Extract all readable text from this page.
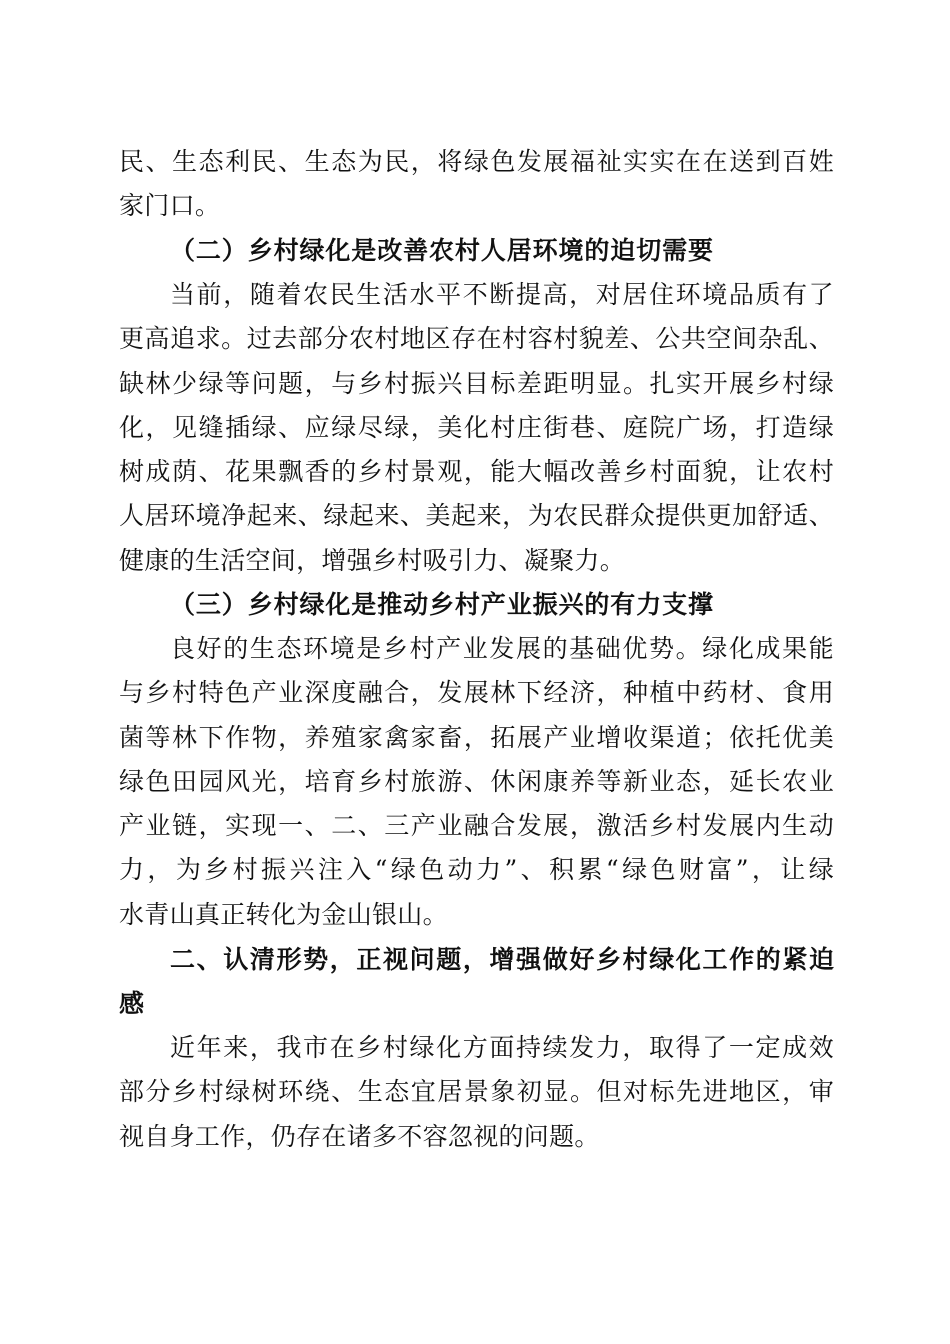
民、生态利民、生态为民，将绿色发展福祉实实在在送到百姓
家门口。
（二）乡村绿化是改善农村人居环境的迫切需要
当前，随着农民生活水平不断提高，对居住环境品质有了
更高追求。过去部分农村地区存在村容村貌差、公共空间杂乱、
缺林少绿等问题，与乡村振兴目标差距明显。扎实开展乡村绿
化，见缝插绿、应绿尽绿，美化村庄街巷、庭院广场，打造绿
树成荫、花果飘香的乡村景观，能大幅改善乡村面貌，让农村
人居环境净起来、绿起来、美起来，为农民群众提供更加舒适、
健康的生活空间，增强乡村吸引力、凝聚力。
（三）乡村绿化是推动乡村产业振兴的有力支撑
良好的生态环境是乡村产业发展的基础优势。绿化成果能
与乡村特色产业深度融合，发展林下经济，种植中药材、食用
菌等林下作物，养殖家禽家畜，拓展产业增收渠道；依托优美
绿色田园风光，培育乡村旅游、休闲康养等新业态，延长农业
产业链，实现一、二、三产业融合发展，激活乡村发展内生动
力，为乡村振兴注入“绿色动力”、积累“绿色财富”，让绿
水青山真正转化为金山银山。
二、认清形势，正视问题，增强做好乡村绿化工作的紧迫
感
近年来，我市在乡村绿化方面持续发力，取得了一定成效
部分乡村绿树环绕、生态宜居景象初显。但对标先进地区，审
视自身工作，仍存在诸多不容忽视的问题。
